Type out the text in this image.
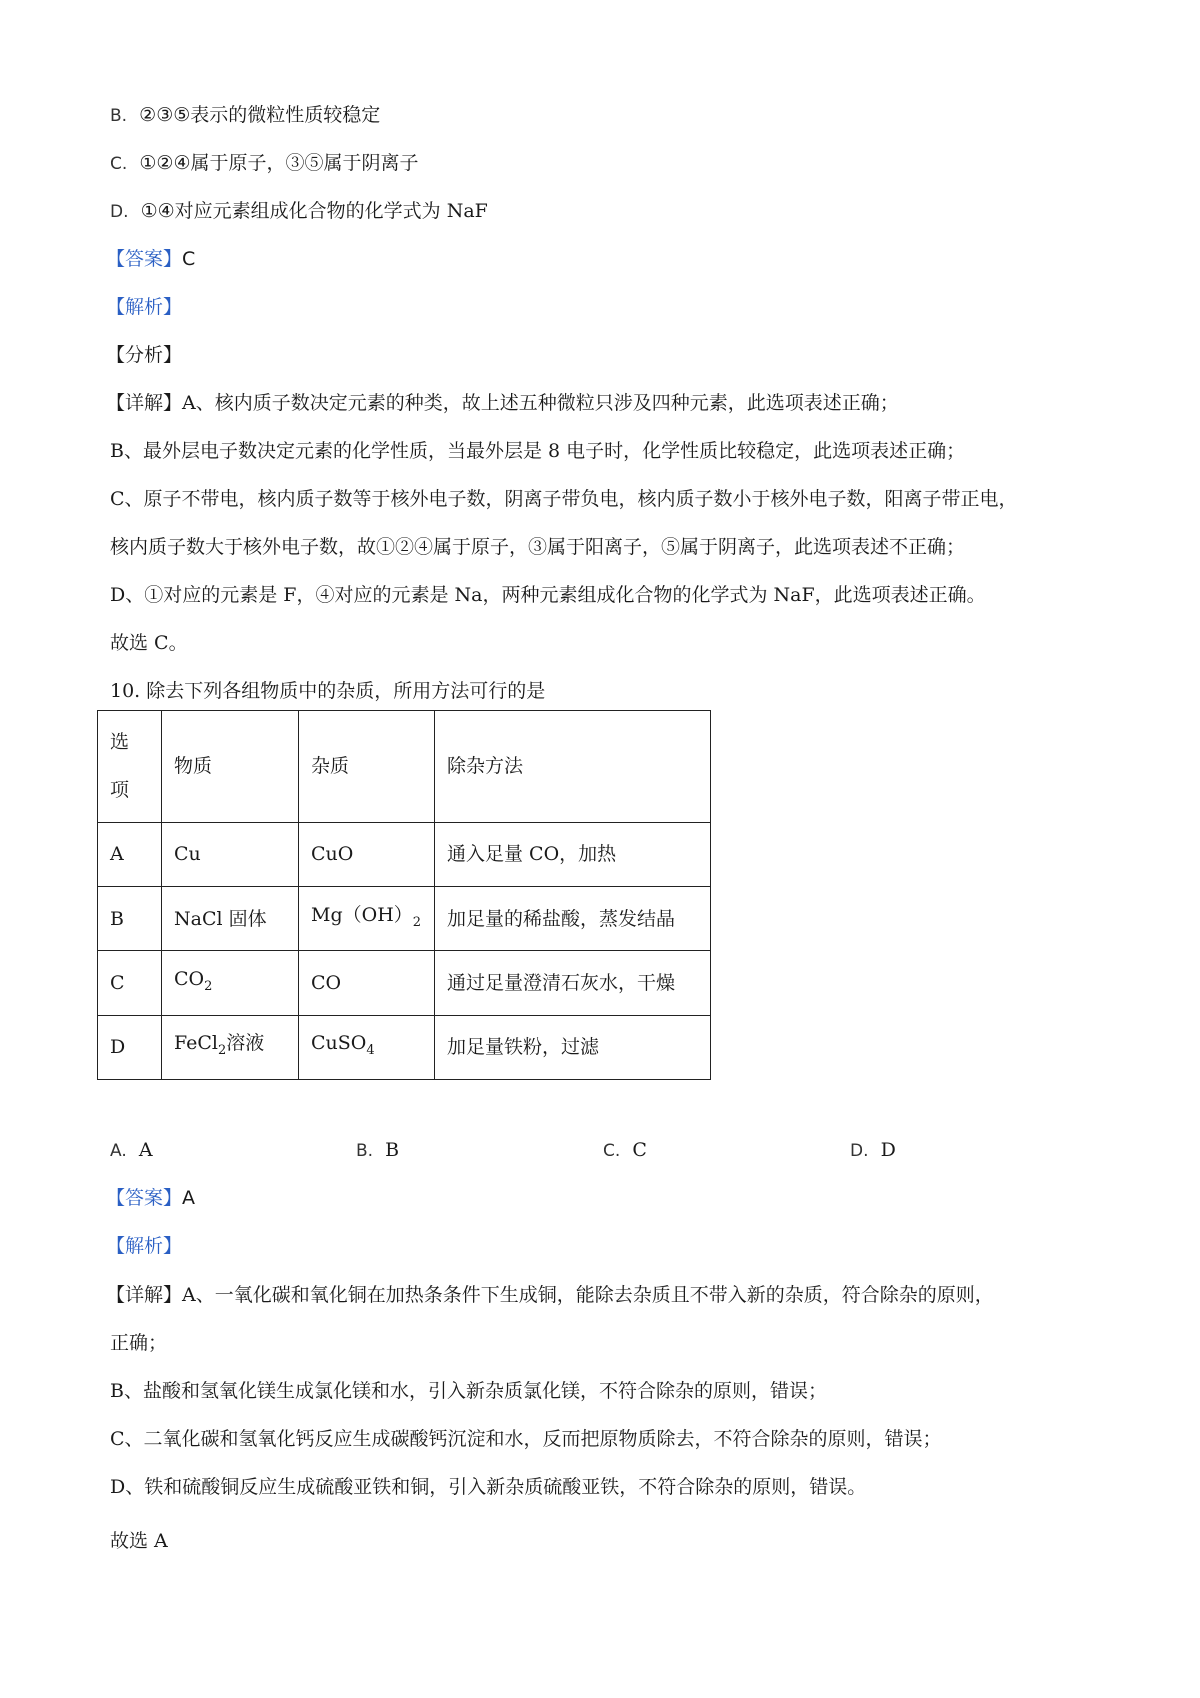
B. ②③⑤表示的微粒性质较稳定
C. ①②④属于原子，③⑤属于阴离子
D. ①④对应元素组成化合物的化学式为 NaF
【答案】C
【解析】
【分析】
【详解】A、核内质子数决定元素的种类，故上述五种微粒只涉及四种元素，此选项表述正确；
B、最外层电子数决定元素的化学性质，当最外层是 8 电子时，化学性质比较稳定，此选项表述正确；
C、原子不带电，核内质子数等于核外电子数，阴离子带负电，核内质子数小于核外电子数，阳离子带正电，
核内质子数大于核外电子数，故①②④属于原子，③属于阳离子，⑤属于阴离子，此选项表述不正确；
D、①对应的元素是 F，④对应的元素是 Na，两种元素组成化合物的化学式为 NaF，此选项表述正确。
故选 C。
10. 除去下列各组物质中的杂质，所用方法可行的是
选

项	物质	杂质	除杂方法
A	Cu	CuO	通入足量 CO，加热
B	NaCl 固体	$Mg(OH)_2$	加足量的稀盐酸，蒸发结晶
C	$CO_2$	CO	通过足量澄清石灰水，干燥
D	FeCl$_2$溶液	CuSO$_4$	加足量铁粉，过滤
A. A	B. B	C. C	D. D
【答案】A
【解析】
【详解】A、一氧化碳和氧化铜在加热条条件下生成铜，能除去杂质且不带入新的杂质，符合除杂的原则，
正确；
B、盐酸和氢氧化镁生成氯化镁和水，引入新杂质氯化镁，不符合除杂的原则，错误；
C、二氧化碳和氢氧化钙反应生成碳酸钙沉淀和水，反而把原物质除去，不符合除杂的原则，错误；
D、铁和硫酸铜反应生成硫酸亚铁和铜，引入新杂质硫酸亚铁，不符合除杂的原则，错误。
故选 A
